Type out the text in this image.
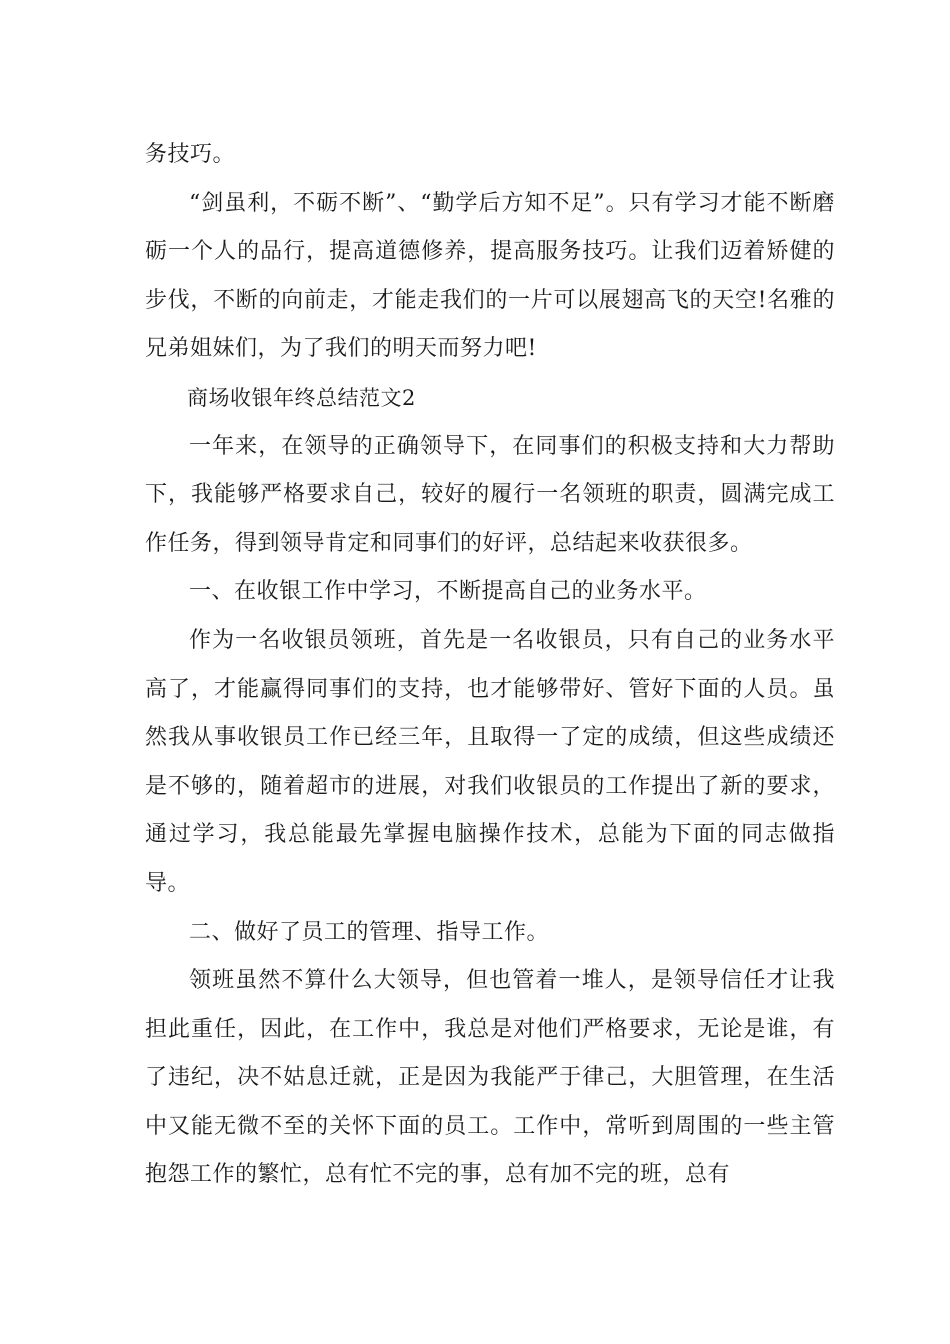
务技巧。

“剑虽利，不砺不断”、“勤学后方知不足”。只有学习才能不断磨砺一个人的品行，提高道德修养，提高服务技巧。让我们迈着矫健的步伐，不断的向前走，才能走我们的一片可以展翅高飞的天空!名雅的兄弟姐妹们，为了我们的明天而努力吧!

商场收银年终总结范文2

一年来，在领导的正确领导下，在同事们的积极支持和大力帮助下，我能够严格要求自己，较好的履行一名领班的职责，圆满完成工作任务，得到领导肯定和同事们的好评，总结起来收获很多。

一、在收银工作中学习，不断提高自己的业务水平。

作为一名收银员领班，首先是一名收银员，只有自己的业务水平高了，才能赢得同事们的支持，也才能够带好、管好下面的人员。虽然我从事收银员工作已经三年，且取得一了定的成绩，但这些成绩还是不够的，随着超市的进展，对我们收银员的工作提出了新的要求，通过学习，我总能最先掌握电脑操作技术，总能为下面的同志做指导。

二、做好了员工的管理、指导工作。

领班虽然不算什么大领导，但也管着一堆人，是领导信任才让我担此重任，因此，在工作中，我总是对他们严格要求，无论是谁，有了违纪，决不姑息迁就，正是因为我能严于律己，大胆管理，在生活中又能无微不至的关怀下面的员工。工作中，常听到周围的一些主管抱怨工作的繁忙，总有忙不完的事，总有加不完的班，总有
